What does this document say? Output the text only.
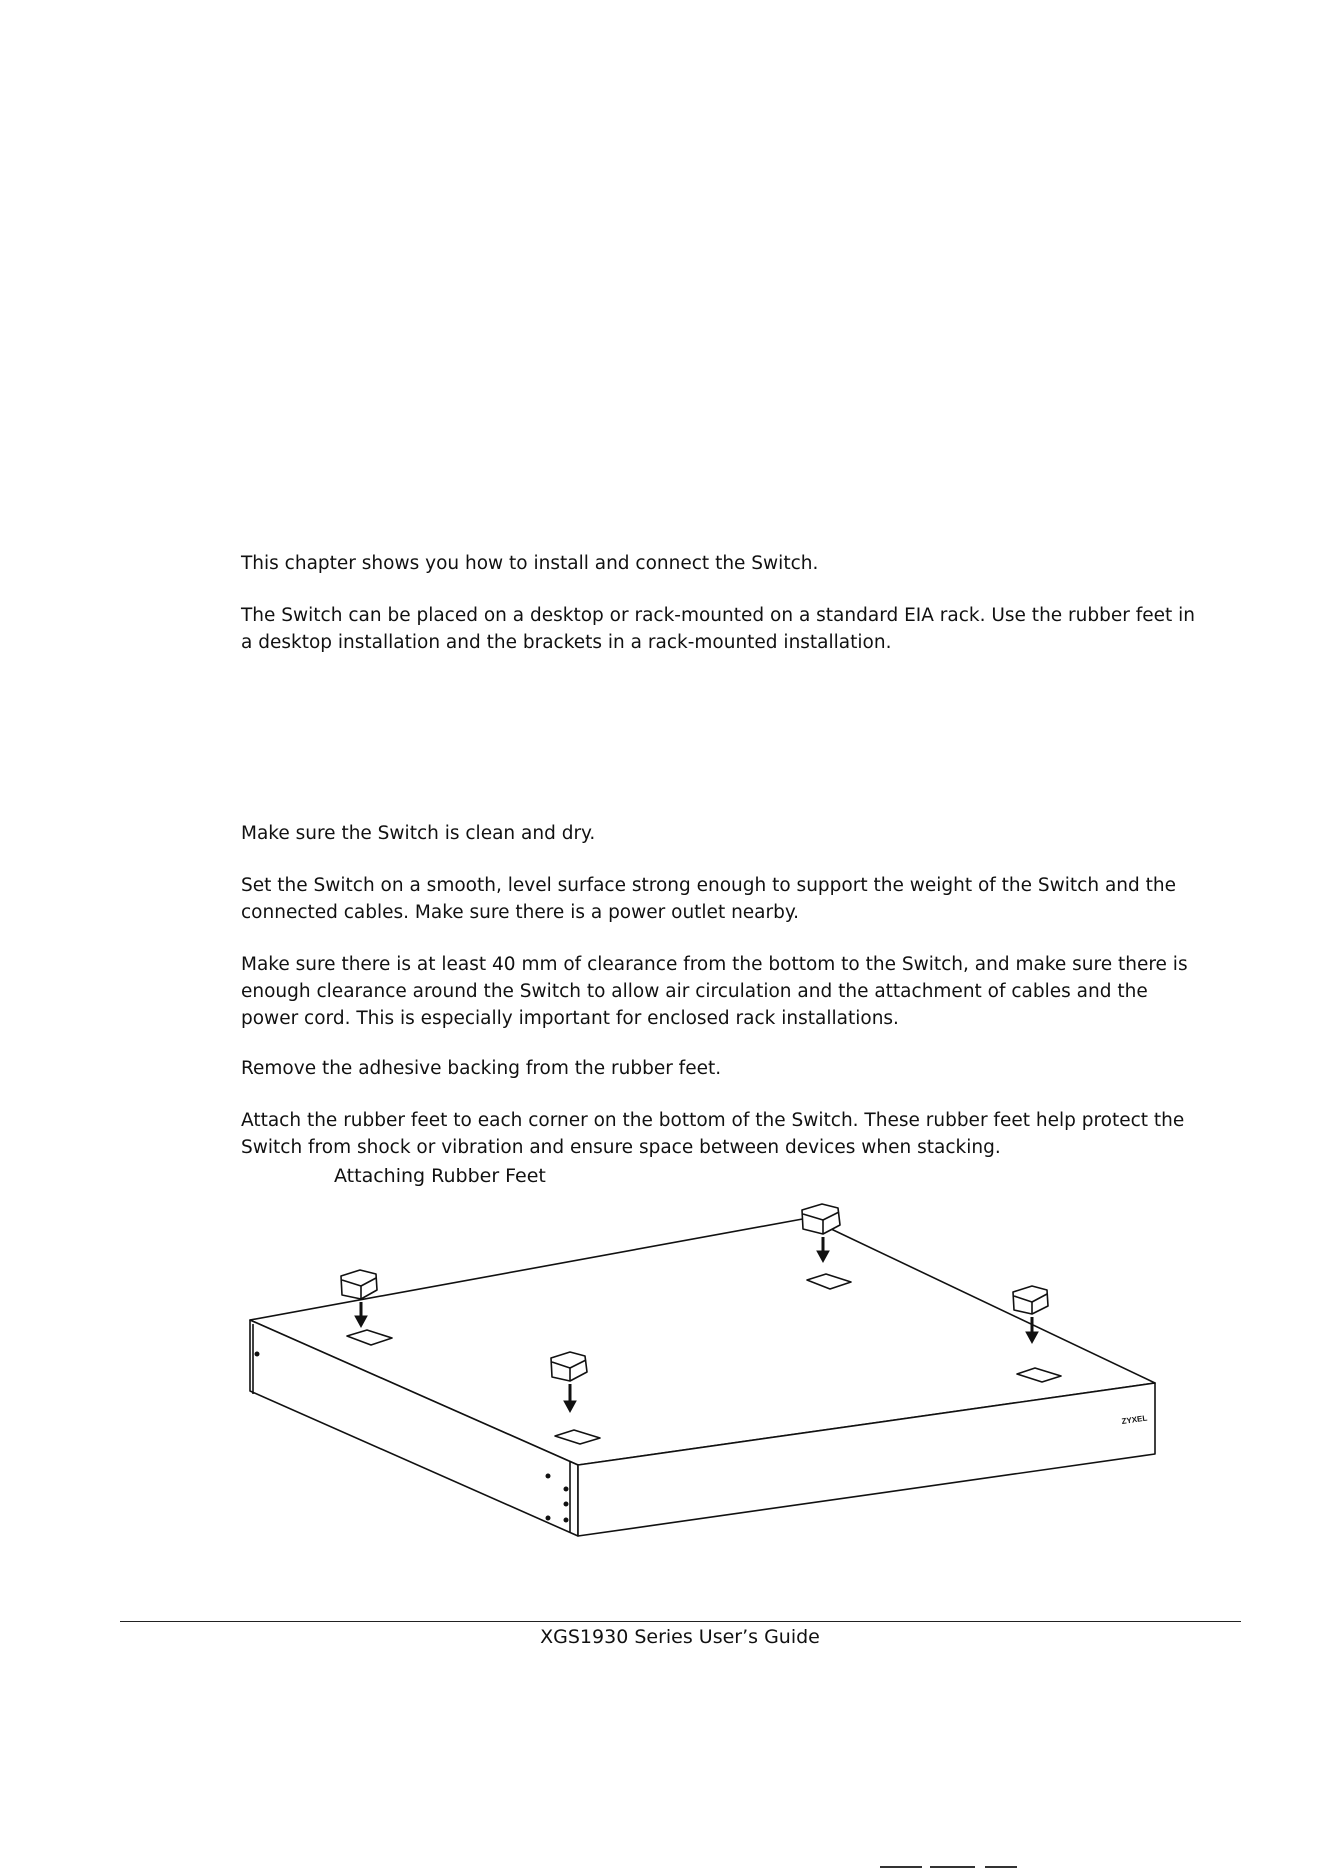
This chapter shows you how to install and connect the Switch.

The Switch can be placed on a desktop or rack-mounted on a standard EIA rack. Use the rubber feet in
a desktop installation and the brackets in a rack-mounted installation.

Make sure the Switch is clean and dry.

Set the Switch on a smooth, level surface strong enough to support the weight of the Switch and the
connected cables. Make sure there is a power outlet nearby.

Make sure there is at least 40 mm of clearance from the bottom to the Switch, and make sure there is
enough clearance around the Switch to allow air circulation and the attachment of cables and the
power cord. This is especially important for enclosed rack installations.

Remove the adhesive backing from the rubber feet.

Attach the rubber feet to each corner on the bottom of the Switch. These rubber feet help protect the
Switch from shock or vibration and ensure space between devices when stacking.

Attaching Rubber Feet
ZYXEL
XGS1930 Series User’s Guide
